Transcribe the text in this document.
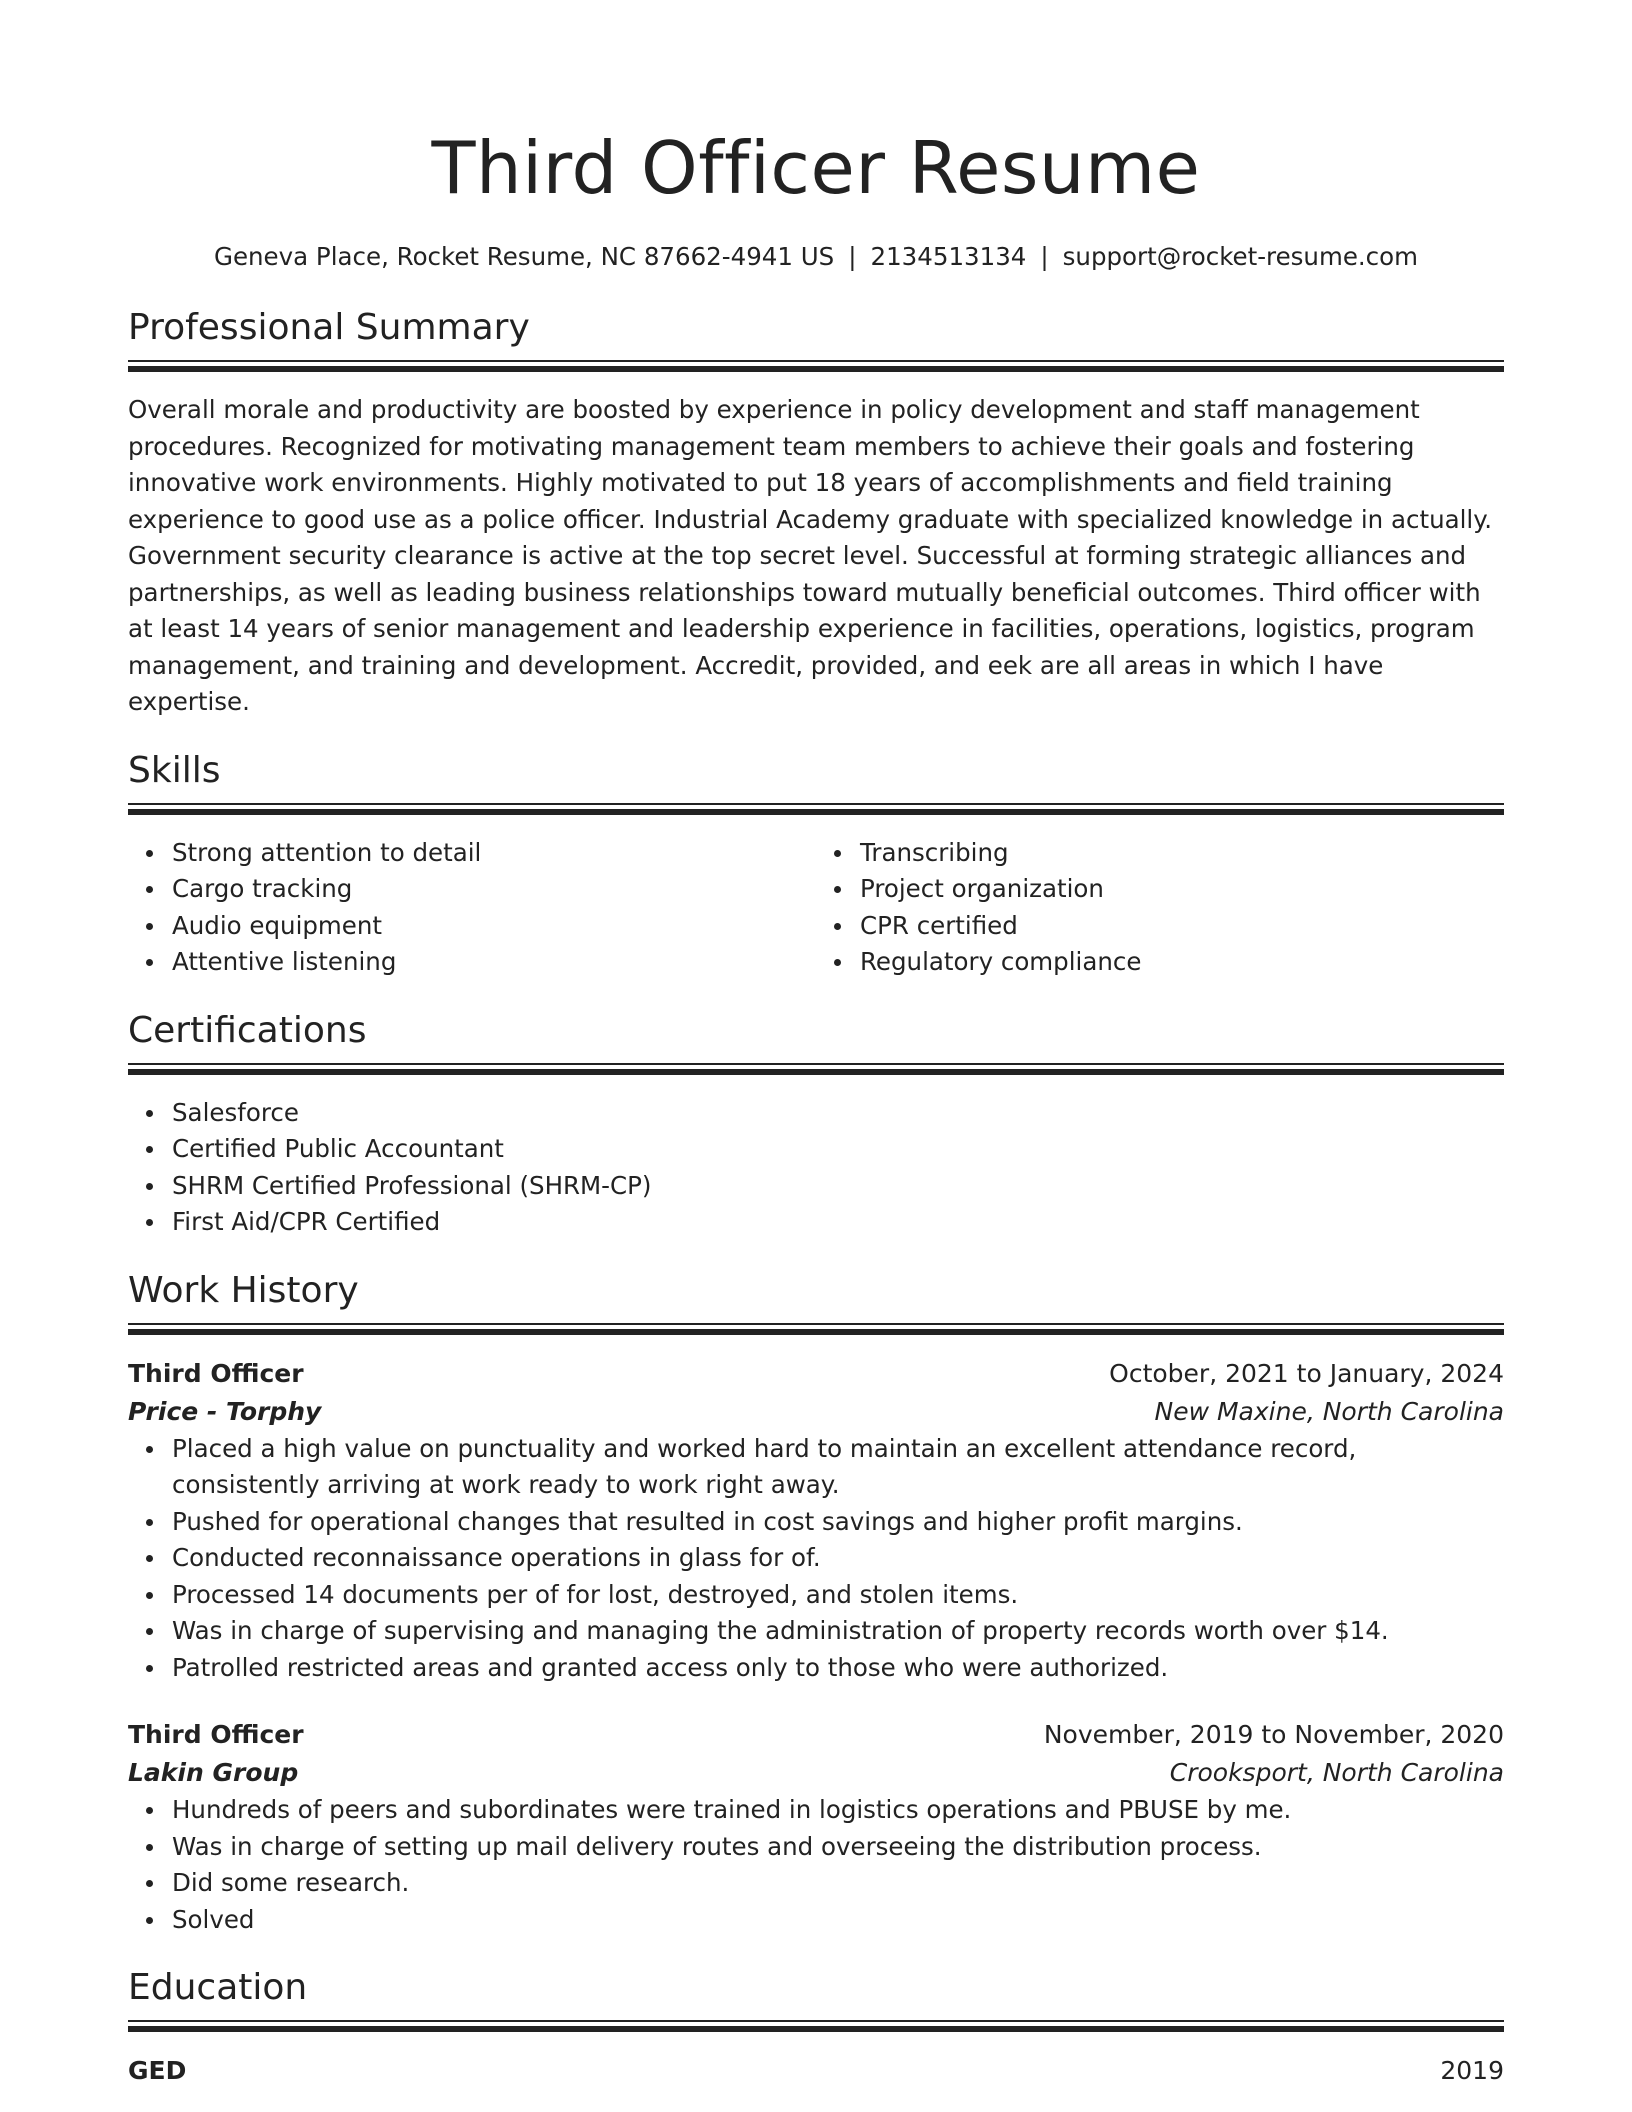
Third Officer Resume
Geneva Place, Rocket Resume, NC 87662-4941 US | 2134513134 | support@rocket-resume.com
Professional Summary

Overall morale and productivity are boosted by experience in policy development and staff management procedures. Recognized for motivating management team members to achieve their goals and fostering innovative work environments. Highly motivated to put 18 years of accomplishments and field training experience to good use as a police officer. Industrial Academy graduate with specialized knowledge in actually. Government security clearance is active at the top secret level. Successful at forming strategic alliances and partnerships, as well as leading business relationships toward mutually beneficial outcomes. Third officer with at least 14 years of senior management and leadership experience in facilities, operations, logistics, program management, and training and development. Accredit, provided, and eek are all areas in which I have expertise.

Skills
Strong attention to detail
Cargo tracking
Audio equipment
Attentive listening
Transcribing
Project organization
CPR certified
Regulatory compliance
Certifications
Salesforce
Certified Public Accountant
SHRM Certified Professional (SHRM-CP)
First Aid/CPR Certified
Work History
Third Officer	October, 2021 to January, 2024
Price - Torphy	New Maxine, North Carolina
Placed a high value on punctuality and worked hard to maintain an excellent attendance record, consistently arriving at work ready to work right away.
Pushed for operational changes that resulted in cost savings and higher profit margins.
Conducted reconnaissance operations in glass for of.
Processed 14 documents per of for lost, destroyed, and stolen items.
Was in charge of supervising and managing the administration of property records worth over $14.
Patrolled restricted areas and granted access only to those who were authorized.
Third Officer	November, 2019 to November, 2020
Lakin Group	Crooksport, North Carolina
Hundreds of peers and subordinates were trained in logistics operations and PBUSE by me.
Was in charge of setting up mail delivery routes and overseeing the distribution process.
Did some research.
Solved
Education
GED	2019
